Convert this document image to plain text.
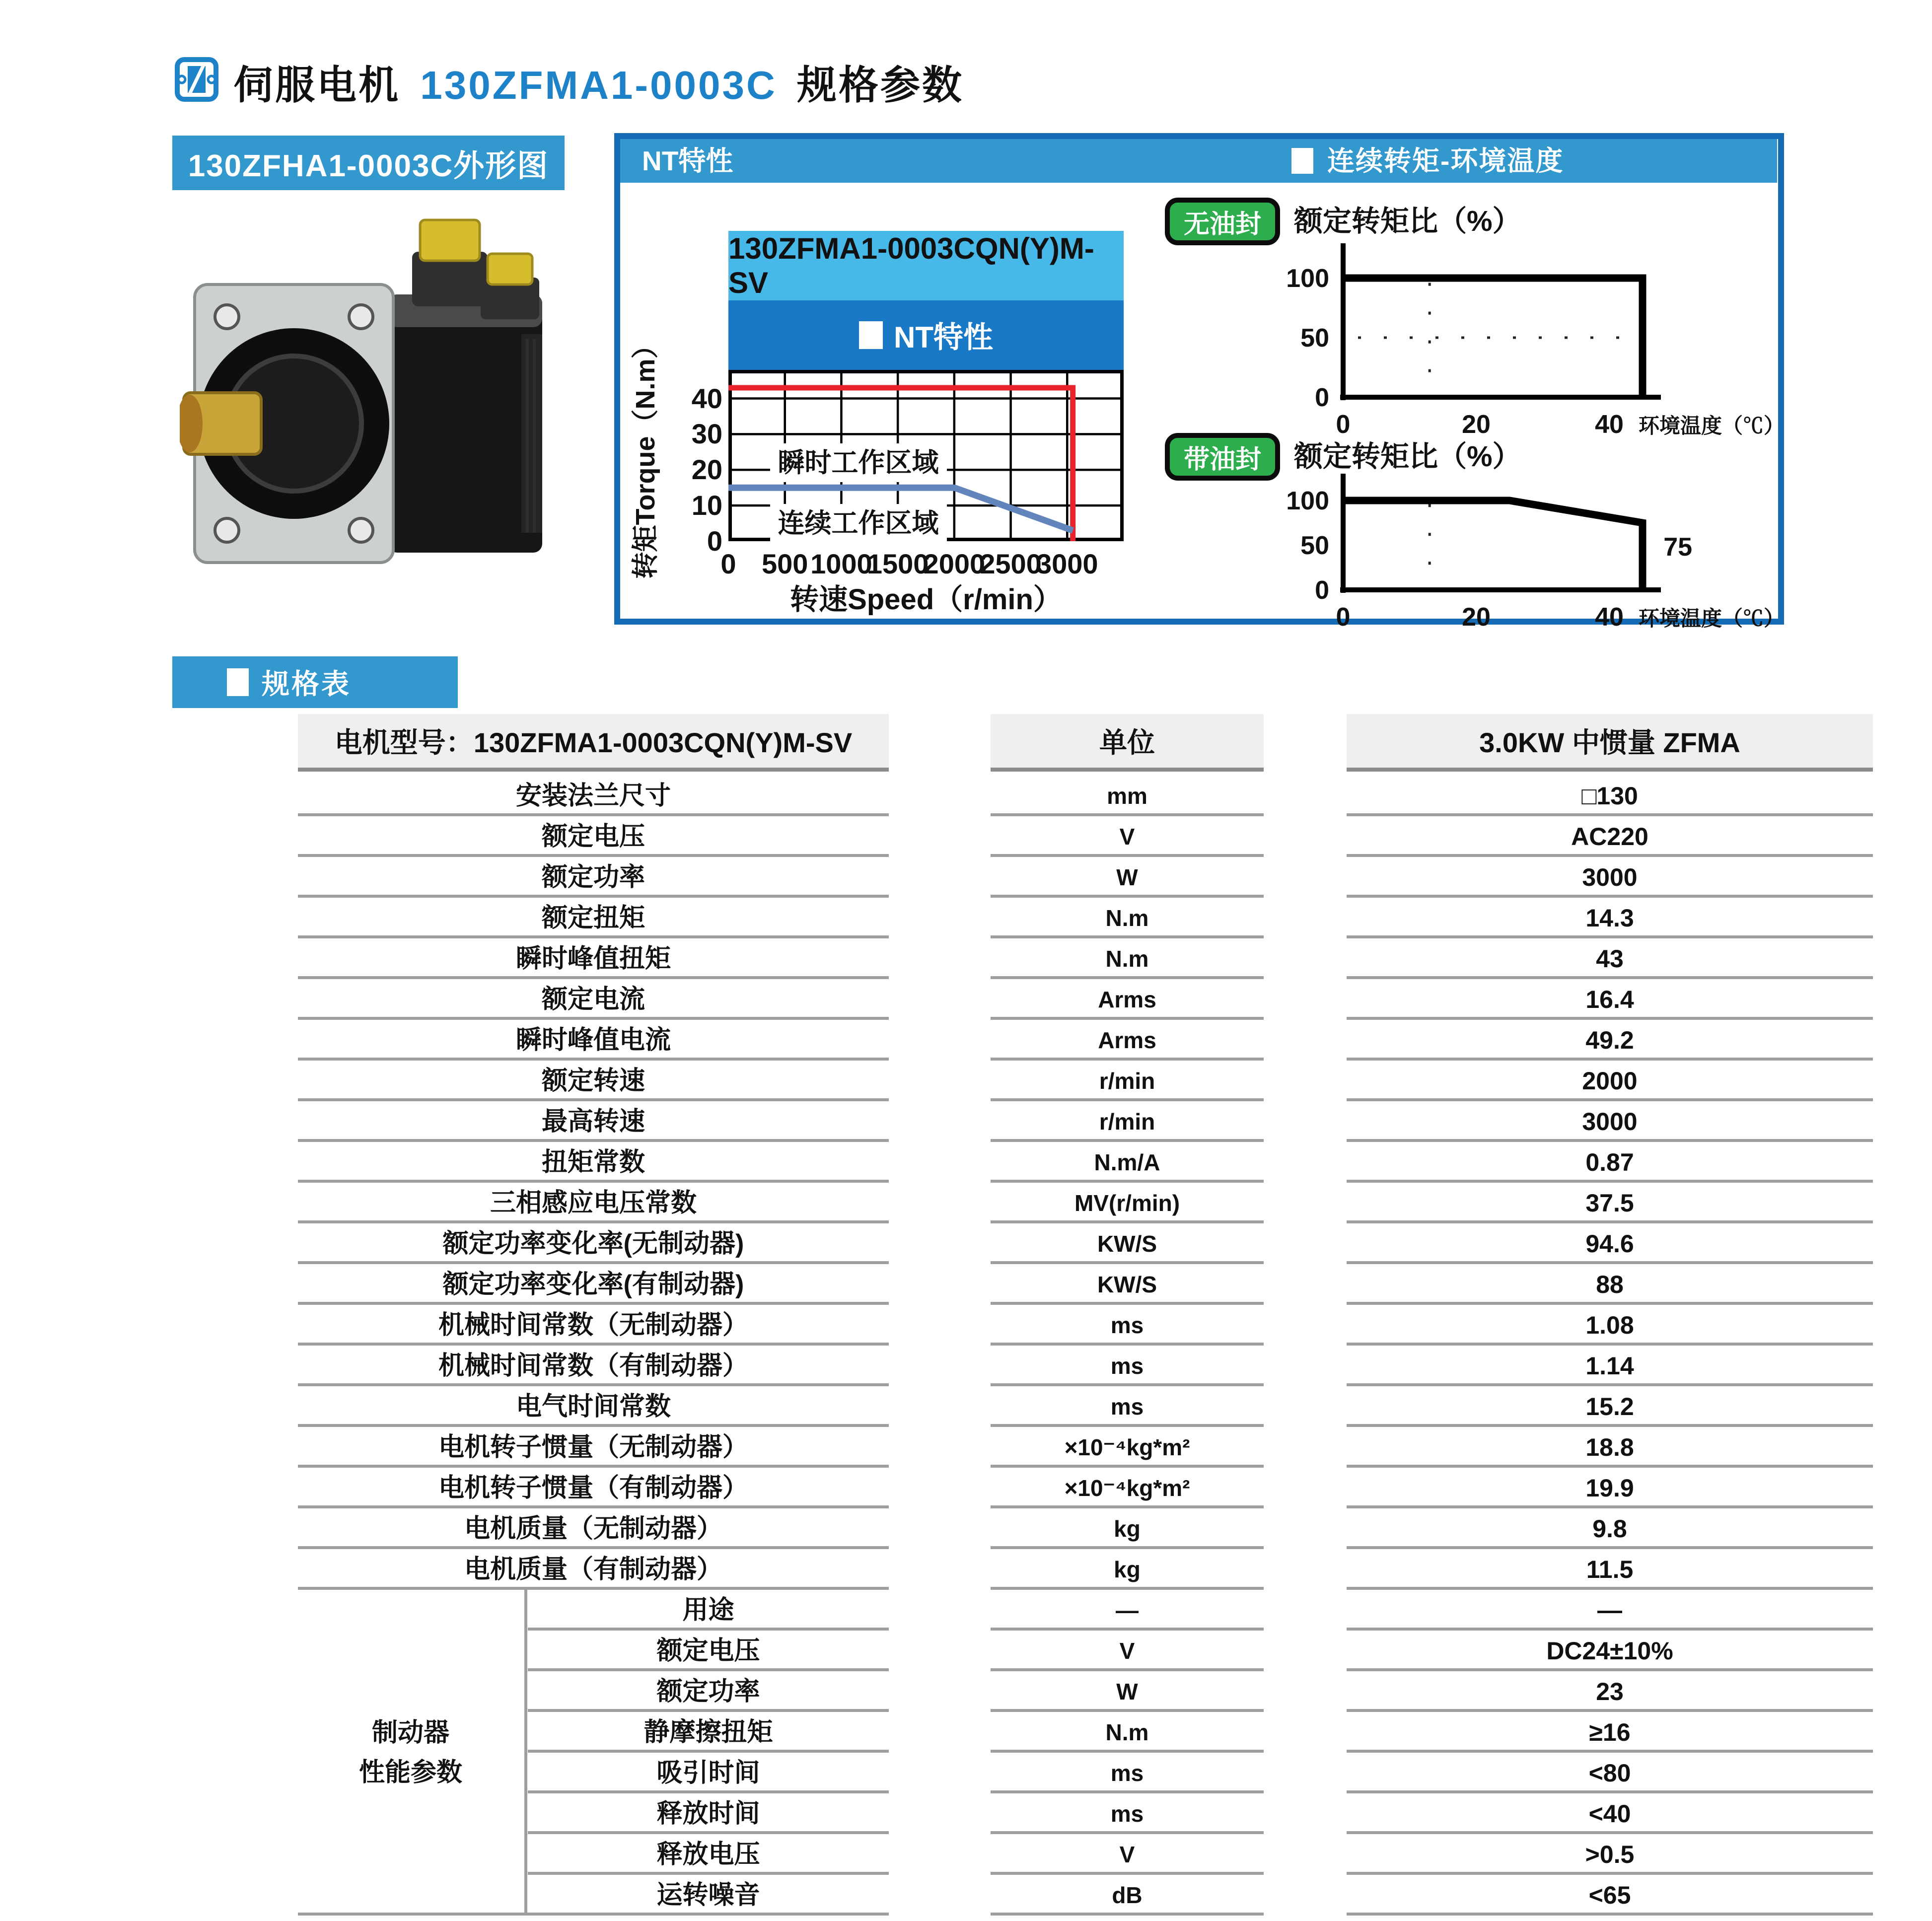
伺服电机 130ZFMA1-0003C 规格参数
130ZFHA1-0003C外形图	NT特性	连续转矩-环境温度
130ZFMA1-0003CQN(Y)M-SV
NT特性
转矩Torque（N.m）
转速Speed（r/min）
无油封	额定转矩比（%）
0
50
100
0	20	40 环境温度（℃）
带油封	额定转矩比（%）
0
50
100
0	20	40 环境温度（℃）
75
规格表
电机型号：130ZFMA1-0003CQN(Y)M-SV	单位	3.0KW 中惯量 ZFMA
安装法兰尺寸	mm	□130
额定电压	V	AC220
额定功率	W	3000
额定扭矩	N.m	14.3
瞬时峰值扭矩	N.m	43
额定电流	Arms	16.4
瞬时峰值电流	Arms	49.2
额定转速	r/min	2000
最高转速	r/min	3000
扭矩常数	N.m/A	0.87
三相感应电压常数	MV(r/min)	37.5
额定功率变化率(无制动器)	KW/S	94.6
额定功率变化率(有制动器)	KW/S	88
机械时间常数（无制动器）	ms	1.08
机械时间常数（有制动器）	ms	1.14
电气时间常数	ms	15.2
电机转子惯量（无制动器）	×10⁻⁴kg*m²	18.8
电机转子惯量（有制动器）	×10⁻⁴kg*m²	19.9
电机质量（无制动器）	kg	9.8
电机质量（有制动器）	kg	11.5
用途	—	—
额定电压	V	DC24±10%
额定功率	W	23
静摩擦扭矩	N.m	≥16
吸引时间	ms	<80
释放时间	ms	<40
释放电压	V	>0.5
运转噪音	dB	<65
制动器
性能参数
40
30
20
10
0
0 500 1000
1500
2000
2500
3000
瞬时工作区域
连续工作区域
